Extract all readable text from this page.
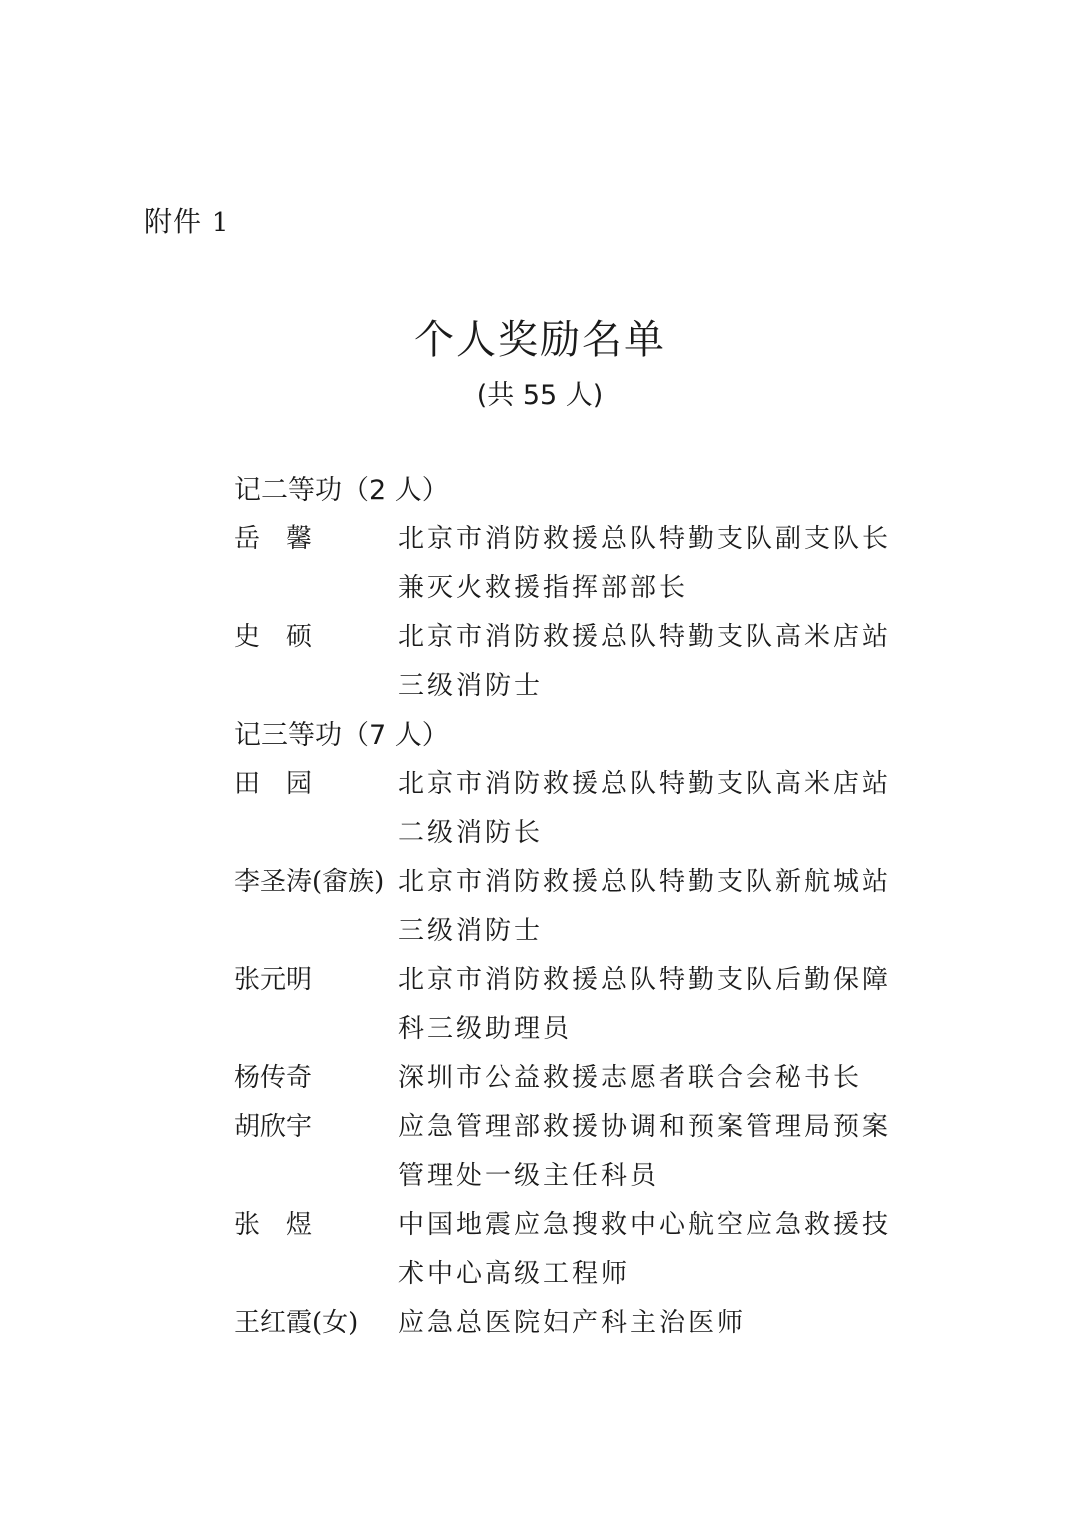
附件 1
个人奖励名单
(共 55 人)
记二等功（2 人）
岳　馨	北京市消防救援总队特勤支队副支队长
兼灭火救援指挥部部长
史　硕	北京市消防救援总队特勤支队高米店站
三级消防士
记三等功（7 人）
田　园	北京市消防救援总队特勤支队高米店站
二级消防长
李圣涛(畲族) 北京市消防救援总队特勤支队新航城站
三级消防士
张元明	北京市消防救援总队特勤支队后勤保障
科三级助理员
杨传奇	深圳市公益救援志愿者联合会秘书长
胡欣宇	应急管理部救援协调和预案管理局预案
管理处一级主任科员
张　煜	中国地震应急搜救中心航空应急救援技
术中心高级工程师
王红霞(女)	应急总医院妇产科主治医师
